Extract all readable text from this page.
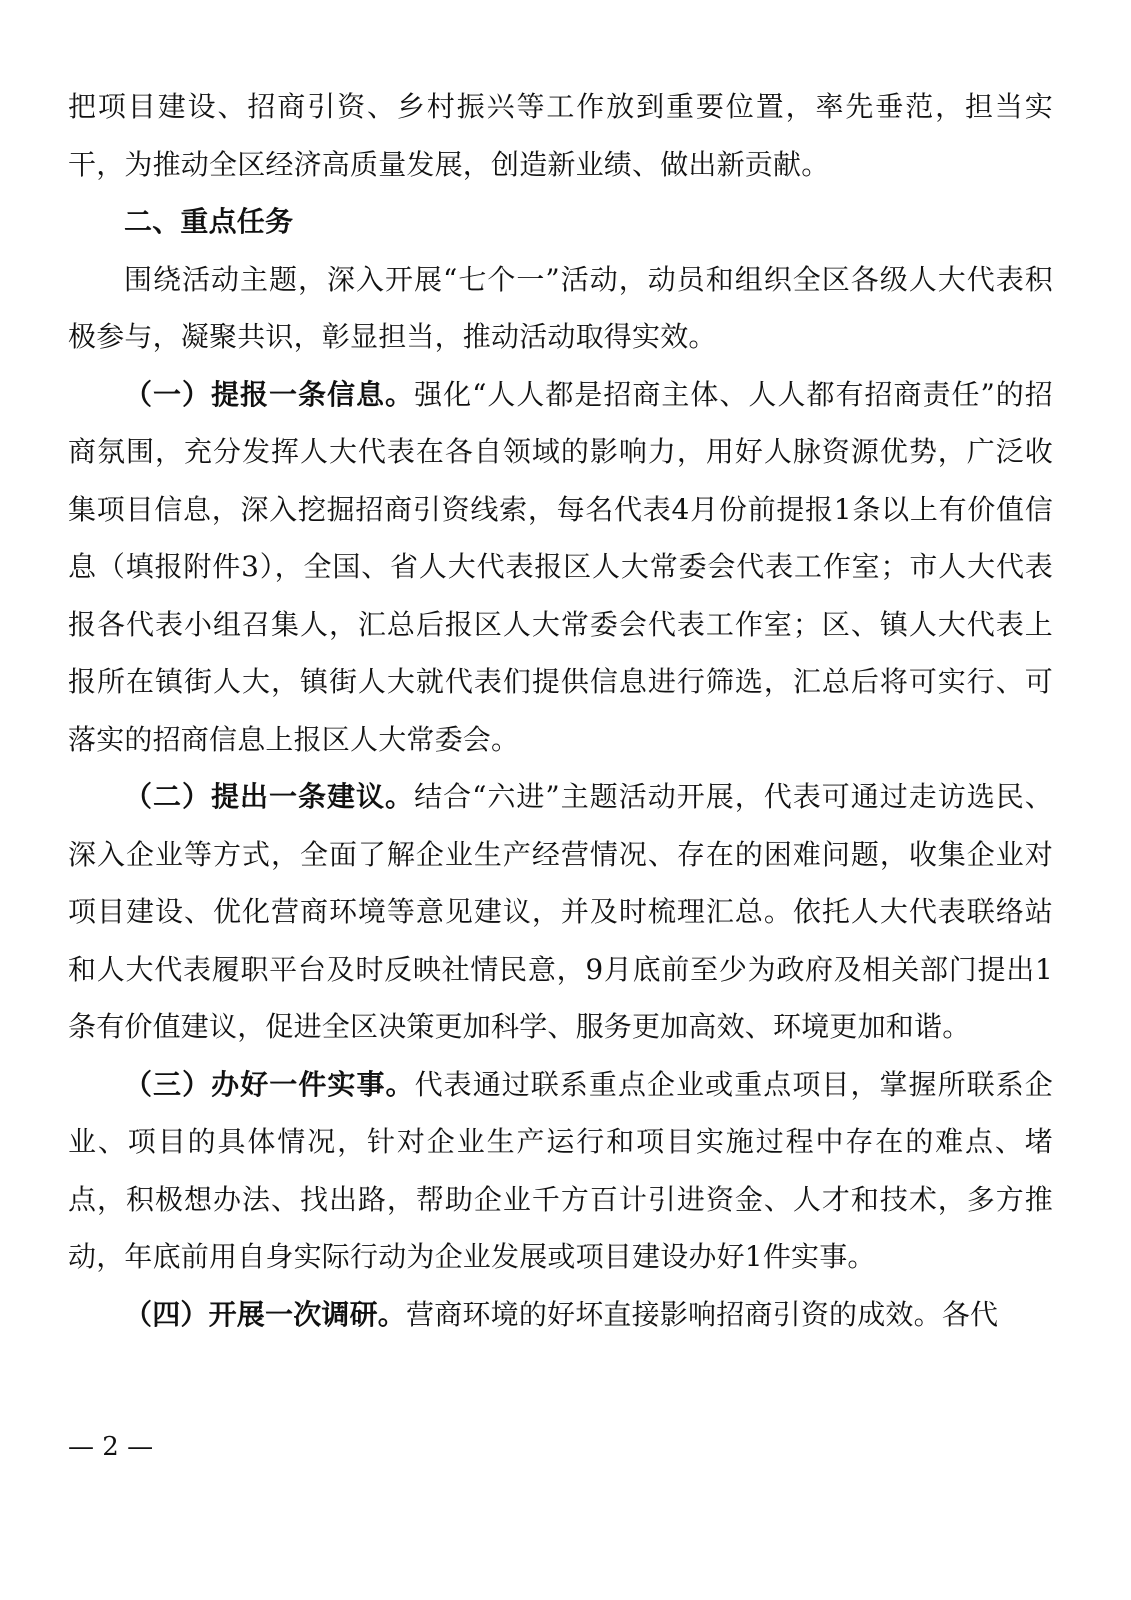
把项目建设、招商引资、乡村振兴等工作放到重要位置，率先垂范，担当实干，为推动全区经济高质量发展，创造新业绩、做出新贡献。

二、重点任务

围绕活动主题，深入开展“七个一”活动，动员和组织全区各级人大代表积极参与，凝聚共识，彰显担当，推动活动取得实效。

（一）提报一条信息。强化“人人都是招商主体、人人都有招商责任”的招商氛围，充分发挥人大代表在各自领域的影响力，用好人脉资源优势，广泛收集项目信息，深入挖掘招商引资线索，每名代表4月份前提报1条以上有价值信息（填报附件3），全国、省人大代表报区人大常委会代表工作室；市人大代表报各代表小组召集人，汇总后报区人大常委会代表工作室；区、镇人大代表上报所在镇街人大，镇街人大就代表们提供信息进行筛选，汇总后将可实行、可落实的招商信息上报区人大常委会。

（二）提出一条建议。结合“六进”主题活动开展，代表可通过走访选民、深入企业等方式，全面了解企业生产经营情况、存在的困难问题，收集企业对项目建设、优化营商环境等意见建议，并及时梳理汇总。依托人大代表联络站和人大代表履职平台及时反映社情民意，9月底前至少为政府及相关部门提出1条有价值建议，促进全区决策更加科学、服务更加高效、环境更加和谐。

（三）办好一件实事。代表通过联系重点企业或重点项目，掌握所联系企业、项目的具体情况，针对企业生产运行和项目实施过程中存在的难点、堵点，积极想办法、找出路，帮助企业千方百计引进资金、人才和技术，多方推动，年底前用自身实际行动为企业发展或项目建设办好1件实事。

（四）开展一次调研。营商环境的好坏直接影响招商引资的成效。各代

— 2 —
